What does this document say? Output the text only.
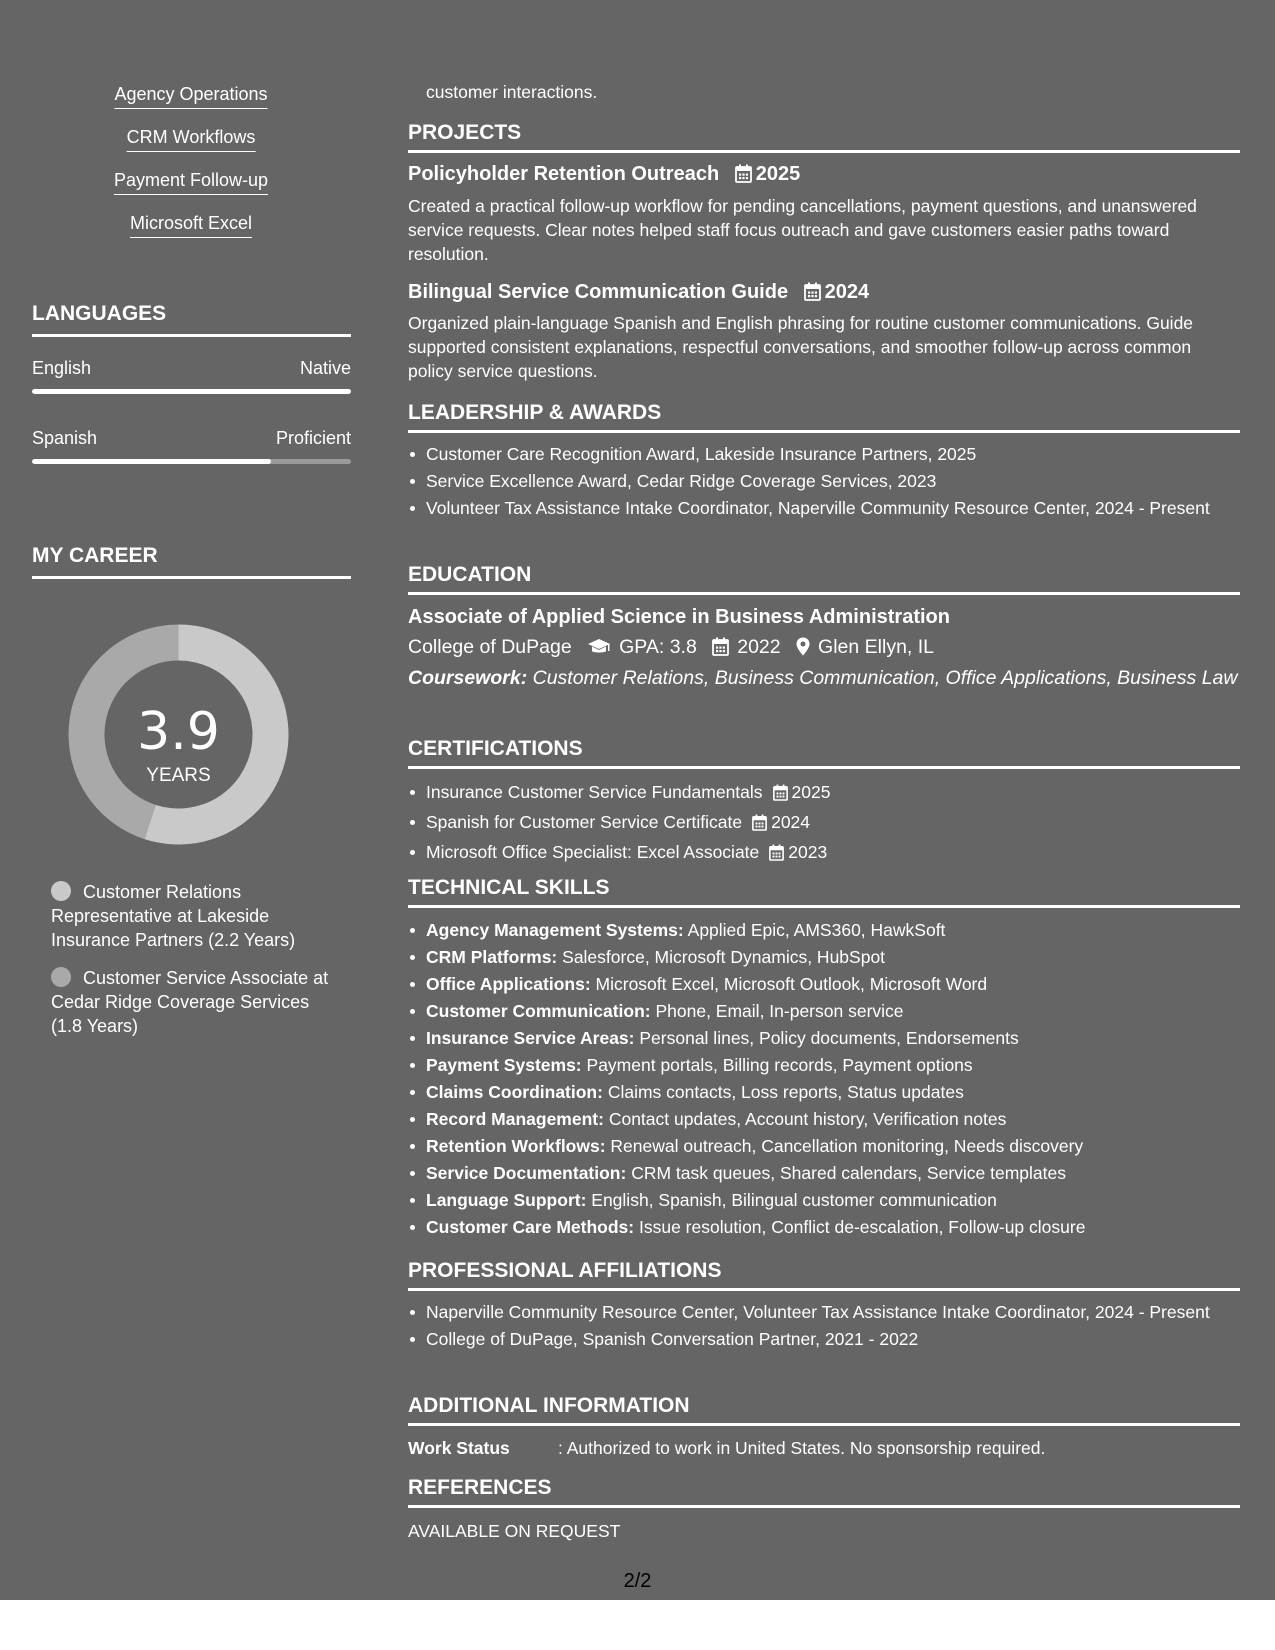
Agency Operations
CRM Workflows
Payment Follow-up
Microsoft Excel
LANGUAGES
English	Native
Spanish	Proficient
MY CAREER
3.9
YEARS
Customer Relations Representative at Lakeside Insurance Partners (2.2 Years)
Customer Service Associate at Cedar Ridge Coverage Services (1.8 Years)
customer interactions.
PROJECTS
Policyholder Retention Outreach 2025
Created a practical follow-up workflow for pending cancellations, payment questions, and unanswered service requests. Clear notes helped staff focus outreach and gave customers easier paths toward resolution.
Bilingual Service Communication Guide 2024
Organized plain-language Spanish and English phrasing for routine customer communications. Guide supported consistent explanations, respectful conversations, and smoother follow-up across common policy service questions.
LEADERSHIP & AWARDS
Customer Care Recognition Award, Lakeside Insurance Partners, 2025
Service Excellence Award, Cedar Ridge Coverage Services, 2023
Volunteer Tax Assistance Intake Coordinator, Naperville Community Resource Center, 2024 - Present
EDUCATION
Associate of Applied Science in Business Administration
College of DuPage GPA: 3.8 2022 Glen Ellyn, IL
Coursework: Customer Relations, Business Communication, Office Applications, Business Law
CERTIFICATIONS
Insurance Customer Service Fundamentals 2025
Spanish for Customer Service Certificate 2024
Microsoft Office Specialist: Excel Associate 2023
TECHNICAL SKILLS
Agency Management Systems: Applied Epic, AMS360, HawkSoft
CRM Platforms: Salesforce, Microsoft Dynamics, HubSpot
Office Applications: Microsoft Excel, Microsoft Outlook, Microsoft Word
Customer Communication: Phone, Email, In-person service
Insurance Service Areas: Personal lines, Policy documents, Endorsements
Payment Systems: Payment portals, Billing records, Payment options
Claims Coordination: Claims contacts, Loss reports, Status updates
Record Management: Contact updates, Account history, Verification notes
Retention Workflows: Renewal outreach, Cancellation monitoring, Needs discovery
Service Documentation: CRM task queues, Shared calendars, Service templates
Language Support: English, Spanish, Bilingual customer communication
Customer Care Methods: Issue resolution, Conflict de-escalation, Follow-up closure
PROFESSIONAL AFFILIATIONS
Naperville Community Resource Center, Volunteer Tax Assistance Intake Coordinator, 2024 - Present
College of DuPage, Spanish Conversation Partner, 2021 - 2022
ADDITIONAL INFORMATION
Work Status	: Authorized to work in United States. No sponsorship required.
REFERENCES
AVAILABLE ON REQUEST
2/2
